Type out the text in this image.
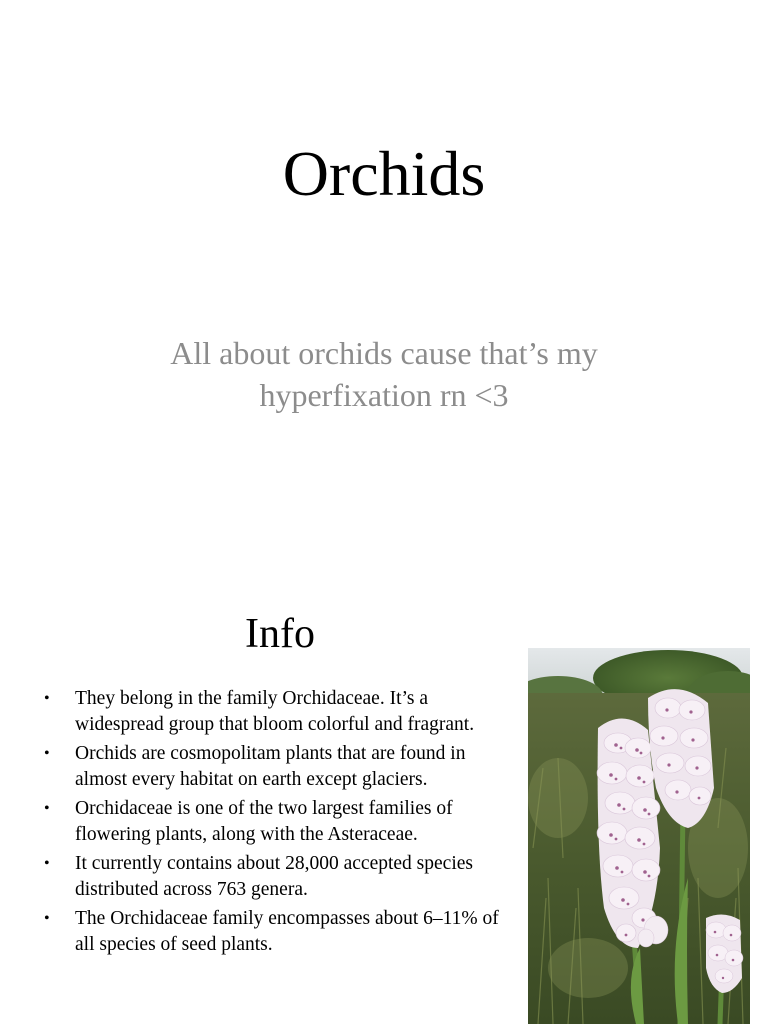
Orchids
All about orchids cause that’s my
hyperfixation rn <3
Info
• They belong in the family Orchidaceae. It’s a widespread group that bloom colorful and fragrant.
• Orchids are cosmopolitam plants that are found in almost every habitat on earth except glaciers.
• Orchidaceae is one of the two largest families of flowering plants, along with the Asteraceae.
• It currently contains about 28,000 accepted species distributed across 763 genera.
• The Orchidaceae family encompasses about 6–11% of all species of seed plants.
